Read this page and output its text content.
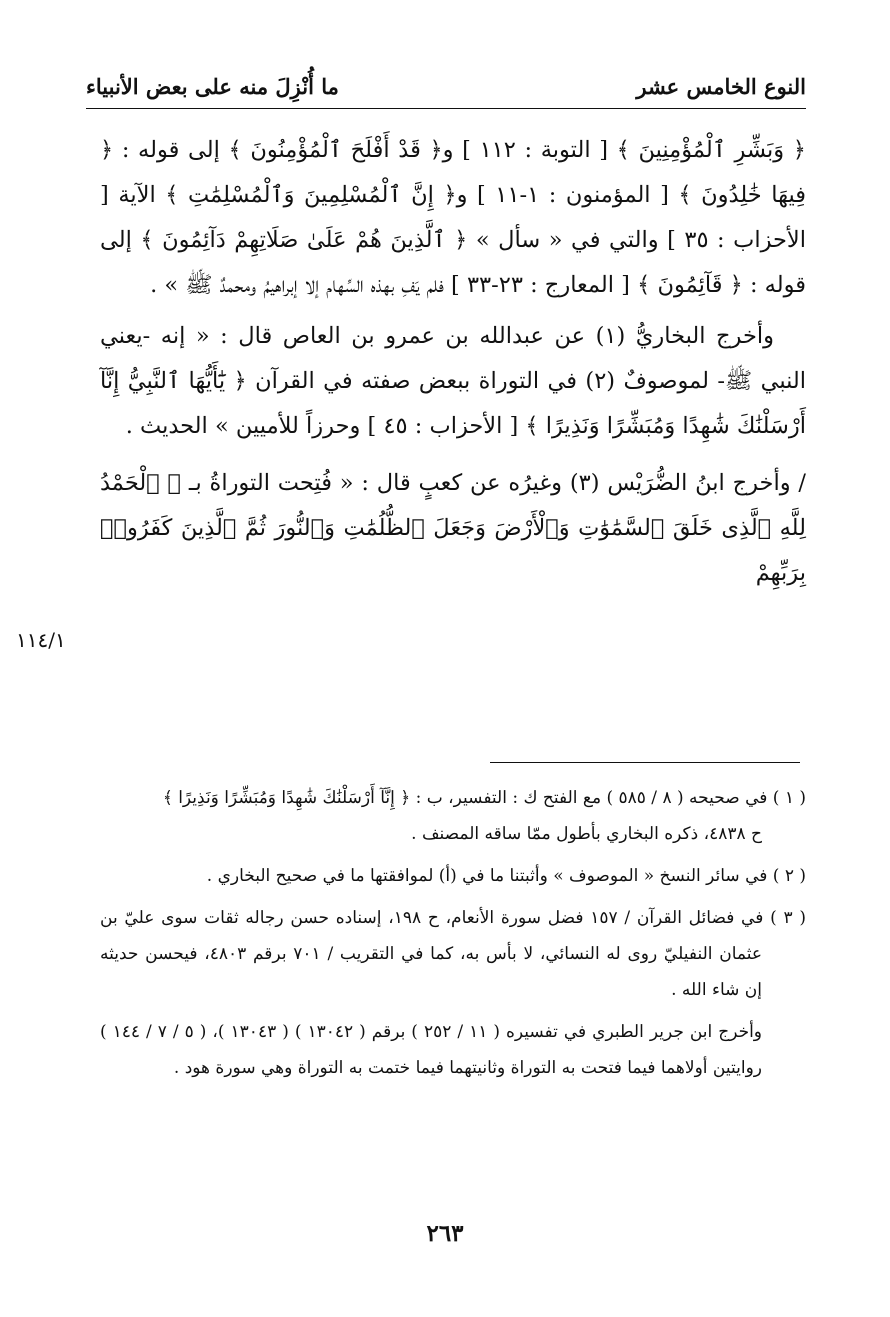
النوع الخامس عشر
ما أُنْزِلَ منه على بعض الأنبياء

﴿ وَبَشِّرِ ٱلْمُؤْمِنِينَ ﴾ [ التوبة : ١١٢ ] و﴿ قَدْ أَفْلَحَ ٱلْمُؤْمِنُونَ ﴾ إلى قوله : ﴿ فِيهَا خَٰلِدُونَ ﴾ [ المؤمنون : ١-١١ ] و﴿ إِنَّ ٱلْمُسْلِمِينَ وَٱلْمُسْلِمَٰتِ ﴾ الآية [ الأحزاب : ٣٥ ] والتي في « سأل » ﴿ ٱلَّذِينَ هُمْ عَلَىٰ صَلَاتِهِمْ دَآئِمُونَ ﴾ إلى قوله : ﴿ قَآئِمُونَ ﴾ [ المعارج : ٢٣-٣٣ ] فلم يَفِ بهذه السِّهام إلا إبراهيمُ ومحمدٌ ﷺ » .

وأخرج البخاريُّ (١) عن عبدالله بن عمرو بن العاص قال : « إنه -يعني النبي ﷺ- لموصوفٌ (٢) في التوراة ببعض صفته في القرآن ﴿ يَٰٓأَيُّهَا ٱلنَّبِيُّ إِنَّآ أَرْسَلْنَٰكَ شَٰهِدًا وَمُبَشِّرًا وَنَذِيرًا ﴾ [ الأحزاب : ٤٥ ] وحرزاً للأميين » الحديث .

/ وأخرج ابنُ الضُّرَيْس (٣) وغيرُه عن كعبٍ قال : « فُتِحت التوراةُ بـ ﴿ ٱلْحَمْدُ لِلَّهِ ٱلَّذِى خَلَقَ ٱلسَّمَٰوَٰتِ وَٱلْأَرْضَ وَجَعَلَ ٱلظُّلُمَٰتِ وَٱلنُّورَ ثُمَّ ٱلَّذِينَ كَفَرُوا۟ بِرَبِّهِمْ

١١٤/١

( ١ ) في صحيحه ( ٨ / ٥٨٥ ) مع الفتح ك : التفسير، ب : ﴿ إِنَّآ أَرْسَلْنَٰكَ شَٰهِدًا وَمُبَشِّرًا وَنَذِيرًا ﴾
ح ٤٨٣٨، ذكره البخاري بأطول ممّا ساقه المصنف .

( ٢ ) في سائر النسخ « الموصوف » وأثبتنا ما في (أ) لموافقتها ما في صحيح البخاري .

( ٣ ) في فضائل القرآن / ١٥٧ فضل سورة الأنعام، ح ١٩٨، إسناده حسن رجاله ثقات سوى عليّ بن عثمان النفيليّ روى له النسائي، لا بأس به، كما في التقريب / ٧٠١ برقم ٤٨٠٣، فيحسن حديثه إن شاء الله .

وأخرج ابن جرير الطبري في تفسيره ( ١١ / ٢٥٢ ) برقم ( ١٣٠٤٢ ) ( ١٣٠٤٣ )، ( ٥ / ٧ / ١٤٤ ) روايتين أولاهما فيما فتحت به التوراة وثانيتهما فيما ختمت به التوراة وهي سورة هود .

٢٦٣
